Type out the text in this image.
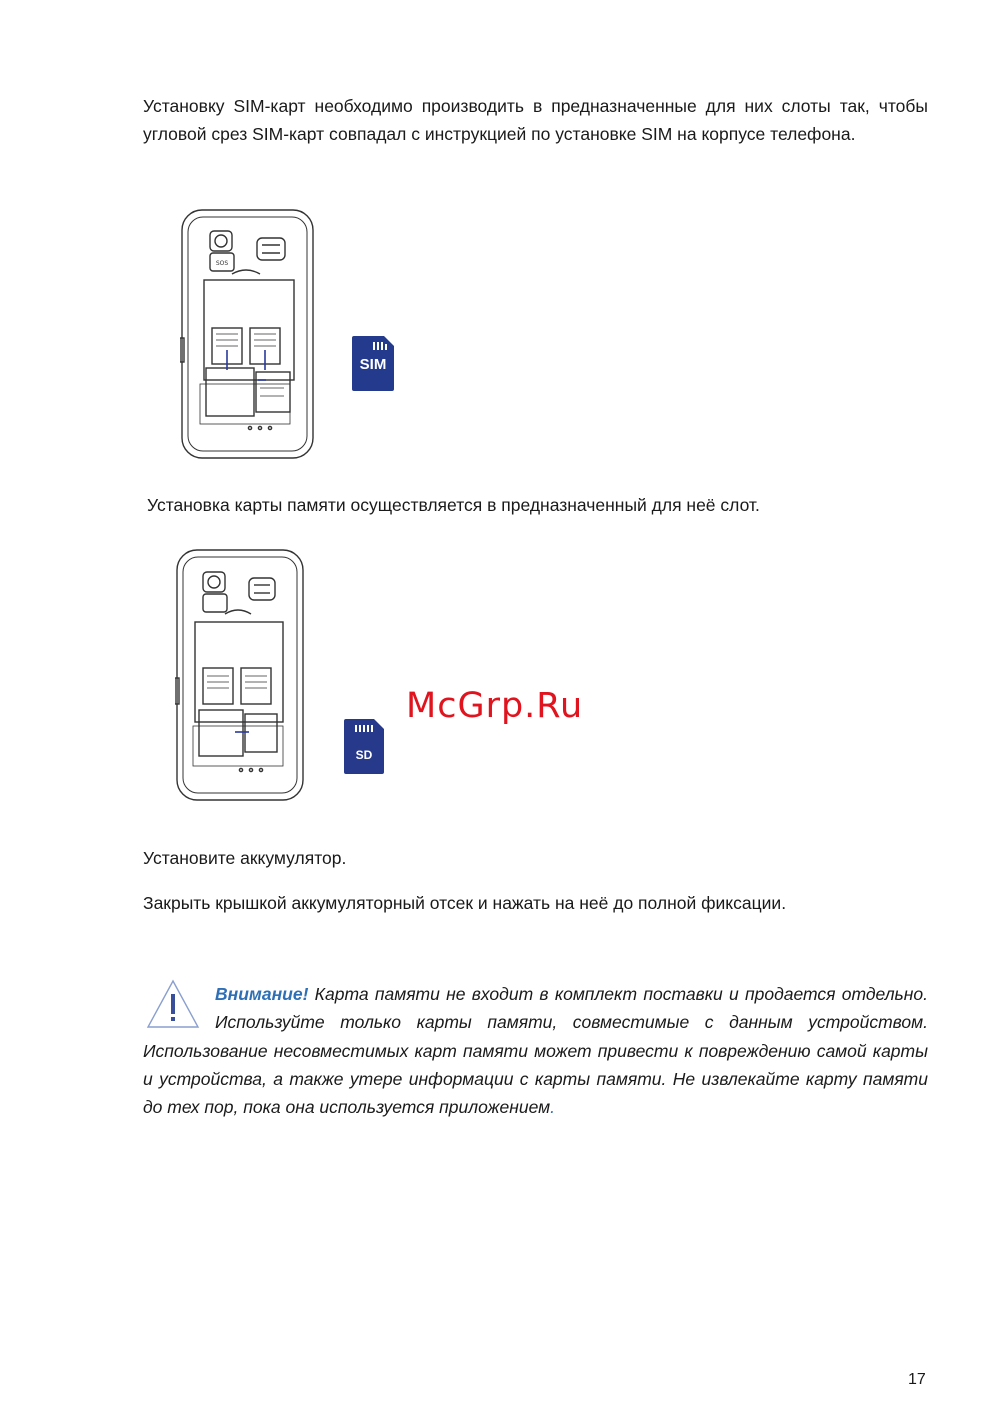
Установку SIM-карт необходимо производить в предназначенные для них слоты так, чтобы угловой срез SIM-карт совпадал с инструкцией по установке SIM на корпусе телефона.

SOS
SIM

Установка карты памяти осуществляется в предназначенный для неё слот.

SD
McGrp.Ru

Установите аккумулятор.

Закрыть крышкой аккумуляторный отсек и нажать на неё до полной фиксации.

Внимание! Карта памяти не входит в комплект поставки и продается отдельно. Используйте только карты памяти, совместимые с данным устройством. Использование несовместимых карт памяти может привести к повреждению самой карты и устройства, а также утере информации с карты памяти. Не извлекайте карту памяти до тех пор, пока она используется приложением.

17
